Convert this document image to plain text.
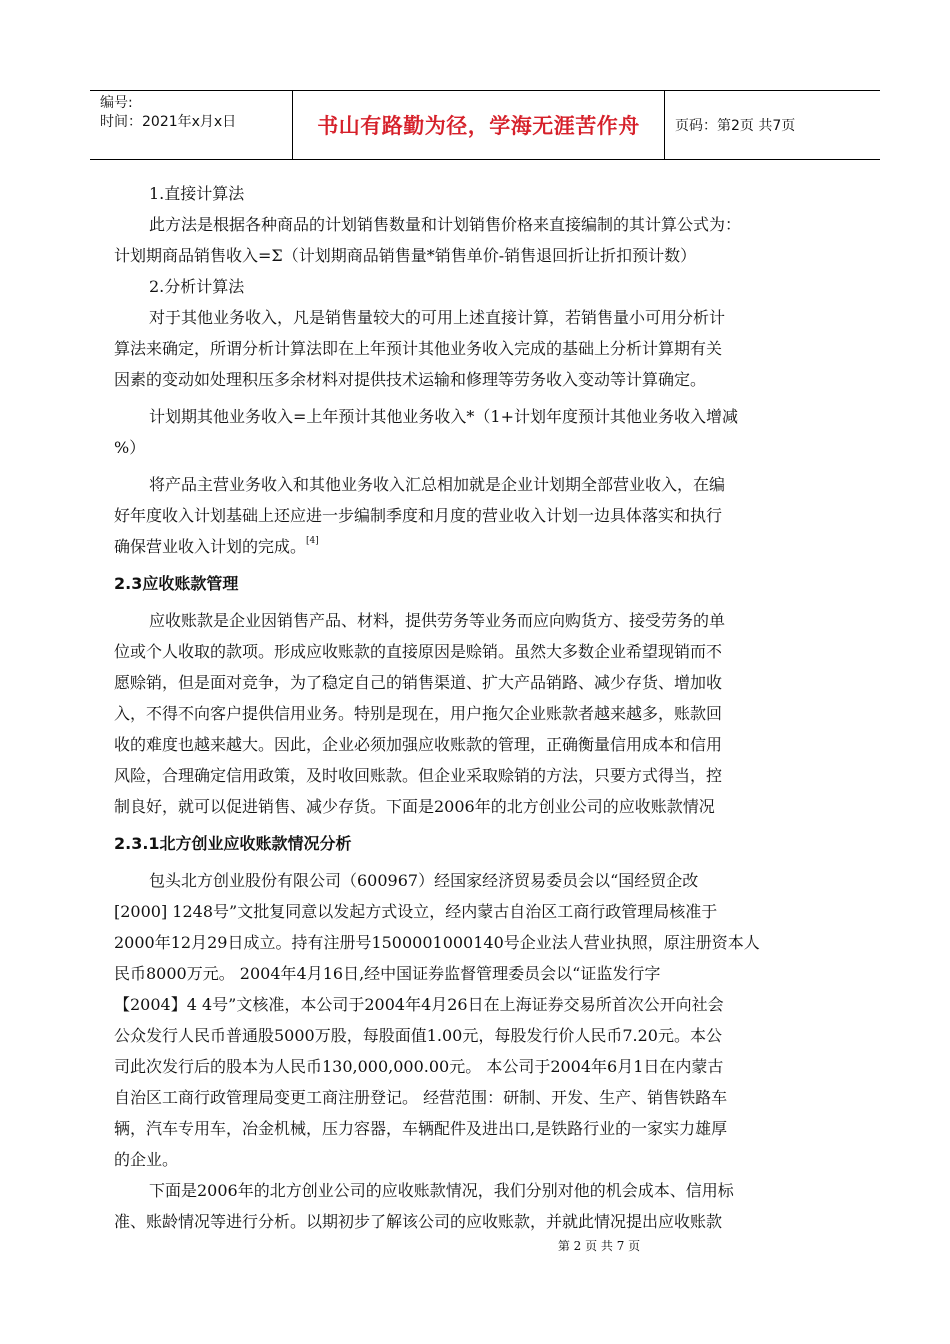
编号:
时间：2021年x月x日	书山有路勤为径，学海无涯苦作舟	页码：第2页 共7页
1.直接计算法
此方法是根据各种商品的计划销售数量和计划销售价格来直接编制的其计算公式为：
计划期商品销售收入=Σ（计划期商品销售量*销售单价-销售退回折让折扣预计数）
2.分析计算法
对于其他业务收入，凡是销售量较大的可用上述直接计算，若销售量小可用分析计
算法来确定，所谓分析计算法即在上年预计其他业务收入完成的基础上分析计算期有关
因素的变动如处理积压多余材料对提供技术运输和修理等劳务收入变动等计算确定。
计划期其他业务收入=上年预计其他业务收入*（1+计划年度预计其他业务收入增减
%）
将产品主营业务收入和其他业务收入汇总相加就是企业计划期全部营业收入，在编
好年度收入计划基础上还应进一步编制季度和月度的营业收入计划一边具体落实和执行
确保营业收入计划的完成。[4]
2.3应收账款管理
应收账款是企业因销售产品、材料，提供劳务等业务而应向购货方、接受劳务的单
位或个人收取的款项。形成应收账款的直接原因是赊销。虽然大多数企业希望现销而不
愿赊销，但是面对竞争，为了稳定自己的销售渠道、扩大产品销路、减少存货、增加收
入，不得不向客户提供信用业务。特别是现在，用户拖欠企业账款者越来越多，账款回
收的难度也越来越大。因此，企业必须加强应收账款的管理，正确衡量信用成本和信用
风险，合理确定信用政策，及时收回账款。但企业采取赊销的方法，只要方式得当，控
制良好，就可以促进销售、减少存货。下面是2006年的北方创业公司的应收账款情况
2.3.1北方创业应收账款情况分析
包头北方创业股份有限公司（600967）经国家经济贸易委员会以“国经贸企改
[2000] 1248号”文批复同意以发起方式设立，经内蒙古自治区工商行政管理局核准于
2000年12月29日成立。持有注册号1500001000140号企业法人营业执照，原注册资本人
民币8000万元。 2004年4月16日,经中国证券监督管理委员会以“证监发行字
【2004】4 4号”文核准，本公司于2004年4月26日在上海证券交易所首次公开向社会
公众发行人民币普通股5000万股，每股面值1.00元，每股发行价人民币7.20元。本公
司此次发行后的股本为人民币130,000,000.00元。 本公司于2004年6月1日在内蒙古
自治区工商行政管理局变更工商注册登记。 经营范围：研制、开发、生产、销售铁路车
辆，汽车专用车，冶金机械，压力容器，车辆配件及进出口,是铁路行业的一家实力雄厚
的企业。
下面是2006年的北方创业公司的应收账款情况，我们分别对他的机会成本、信用标
准、账龄情况等进行分析。以期初步了解该公司的应收账款，并就此情况提出应收账款
第 2 页 共 7 页
